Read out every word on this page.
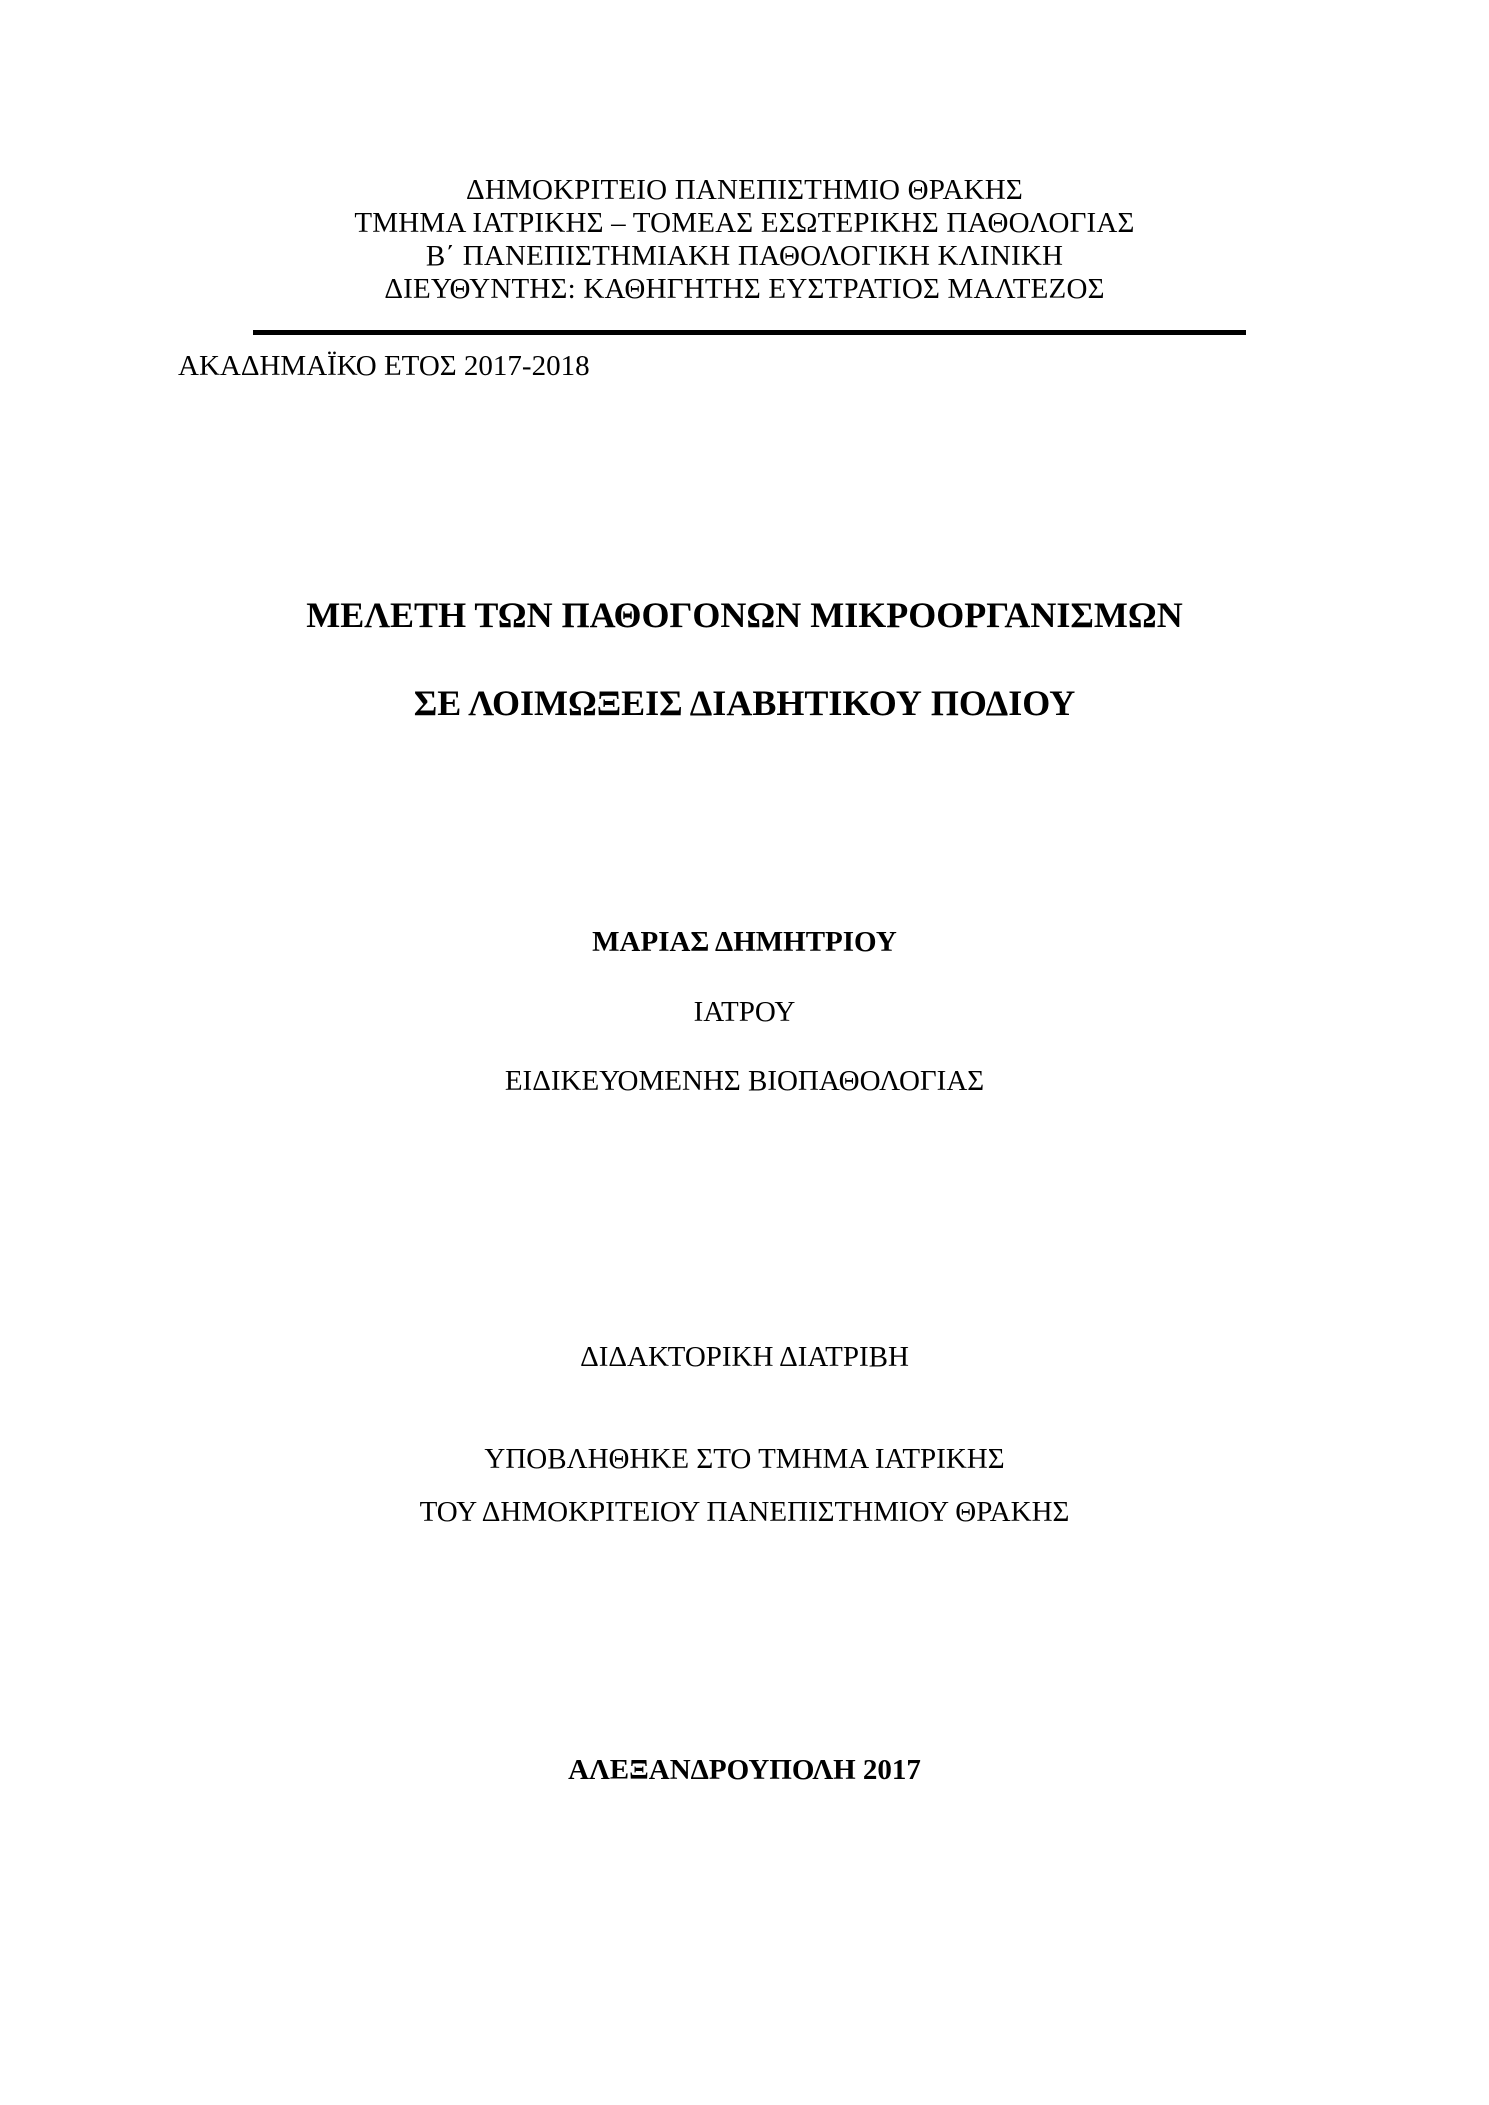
ΔΗΜΟΚΡΙΤΕΙΟ ΠΑΝΕΠΙΣΤΗΜΙΟ ΘΡΑΚΗΣ
ΤΜΗΜΑ ΙΑΤΡΙΚΗΣ – ΤΟΜΕΑΣ ΕΣΩΤΕΡΙΚΗΣ ΠΑΘΟΛΟΓΙΑΣ
Β΄ ΠΑΝΕΠΙΣΤΗΜΙΑΚΗ ΠΑΘΟΛΟΓΙΚΗ ΚΛΙΝΙΚΗ
ΔΙΕΥΘΥΝΤΗΣ: ΚΑΘΗΓΗΤΗΣ ΕΥΣΤΡΑΤΙΟΣ ΜΑΛΤΕΖΟΣ
ΑΚΑΔΗΜΑΪΚΟ ΕΤΟΣ 2017-2018
ΜΕΛΕΤΗ ΤΩΝ ΠΑΘΟΓΟΝΩΝ ΜΙΚΡΟΟΡΓΑΝΙΣΜΩΝ
ΣΕ ΛΟΙΜΩΞΕΙΣ ΔΙΑΒΗΤΙΚΟΥ ΠΟΔΙΟΥ
ΜΑΡΙΑΣ ΔΗΜΗΤΡΙΟΥ
ΙΑΤΡΟΥ
ΕΙΔΙΚΕΥΟΜΕΝΗΣ ΒΙΟΠΑΘΟΛΟΓΙΑΣ
ΔΙΔΑΚΤΟΡΙΚΗ ΔΙΑΤΡΙΒΗ
ΥΠΟΒΛΗΘΗΚΕ ΣΤΟ ΤΜΗΜΑ ΙΑΤΡΙΚΗΣ
ΤΟΥ ΔΗΜΟΚΡΙΤΕΙΟΥ ΠΑΝΕΠΙΣΤΗΜΙΟΥ ΘΡΑΚΗΣ
ΑΛΕΞΑΝΔΡΟΥΠΟΛΗ 2017
